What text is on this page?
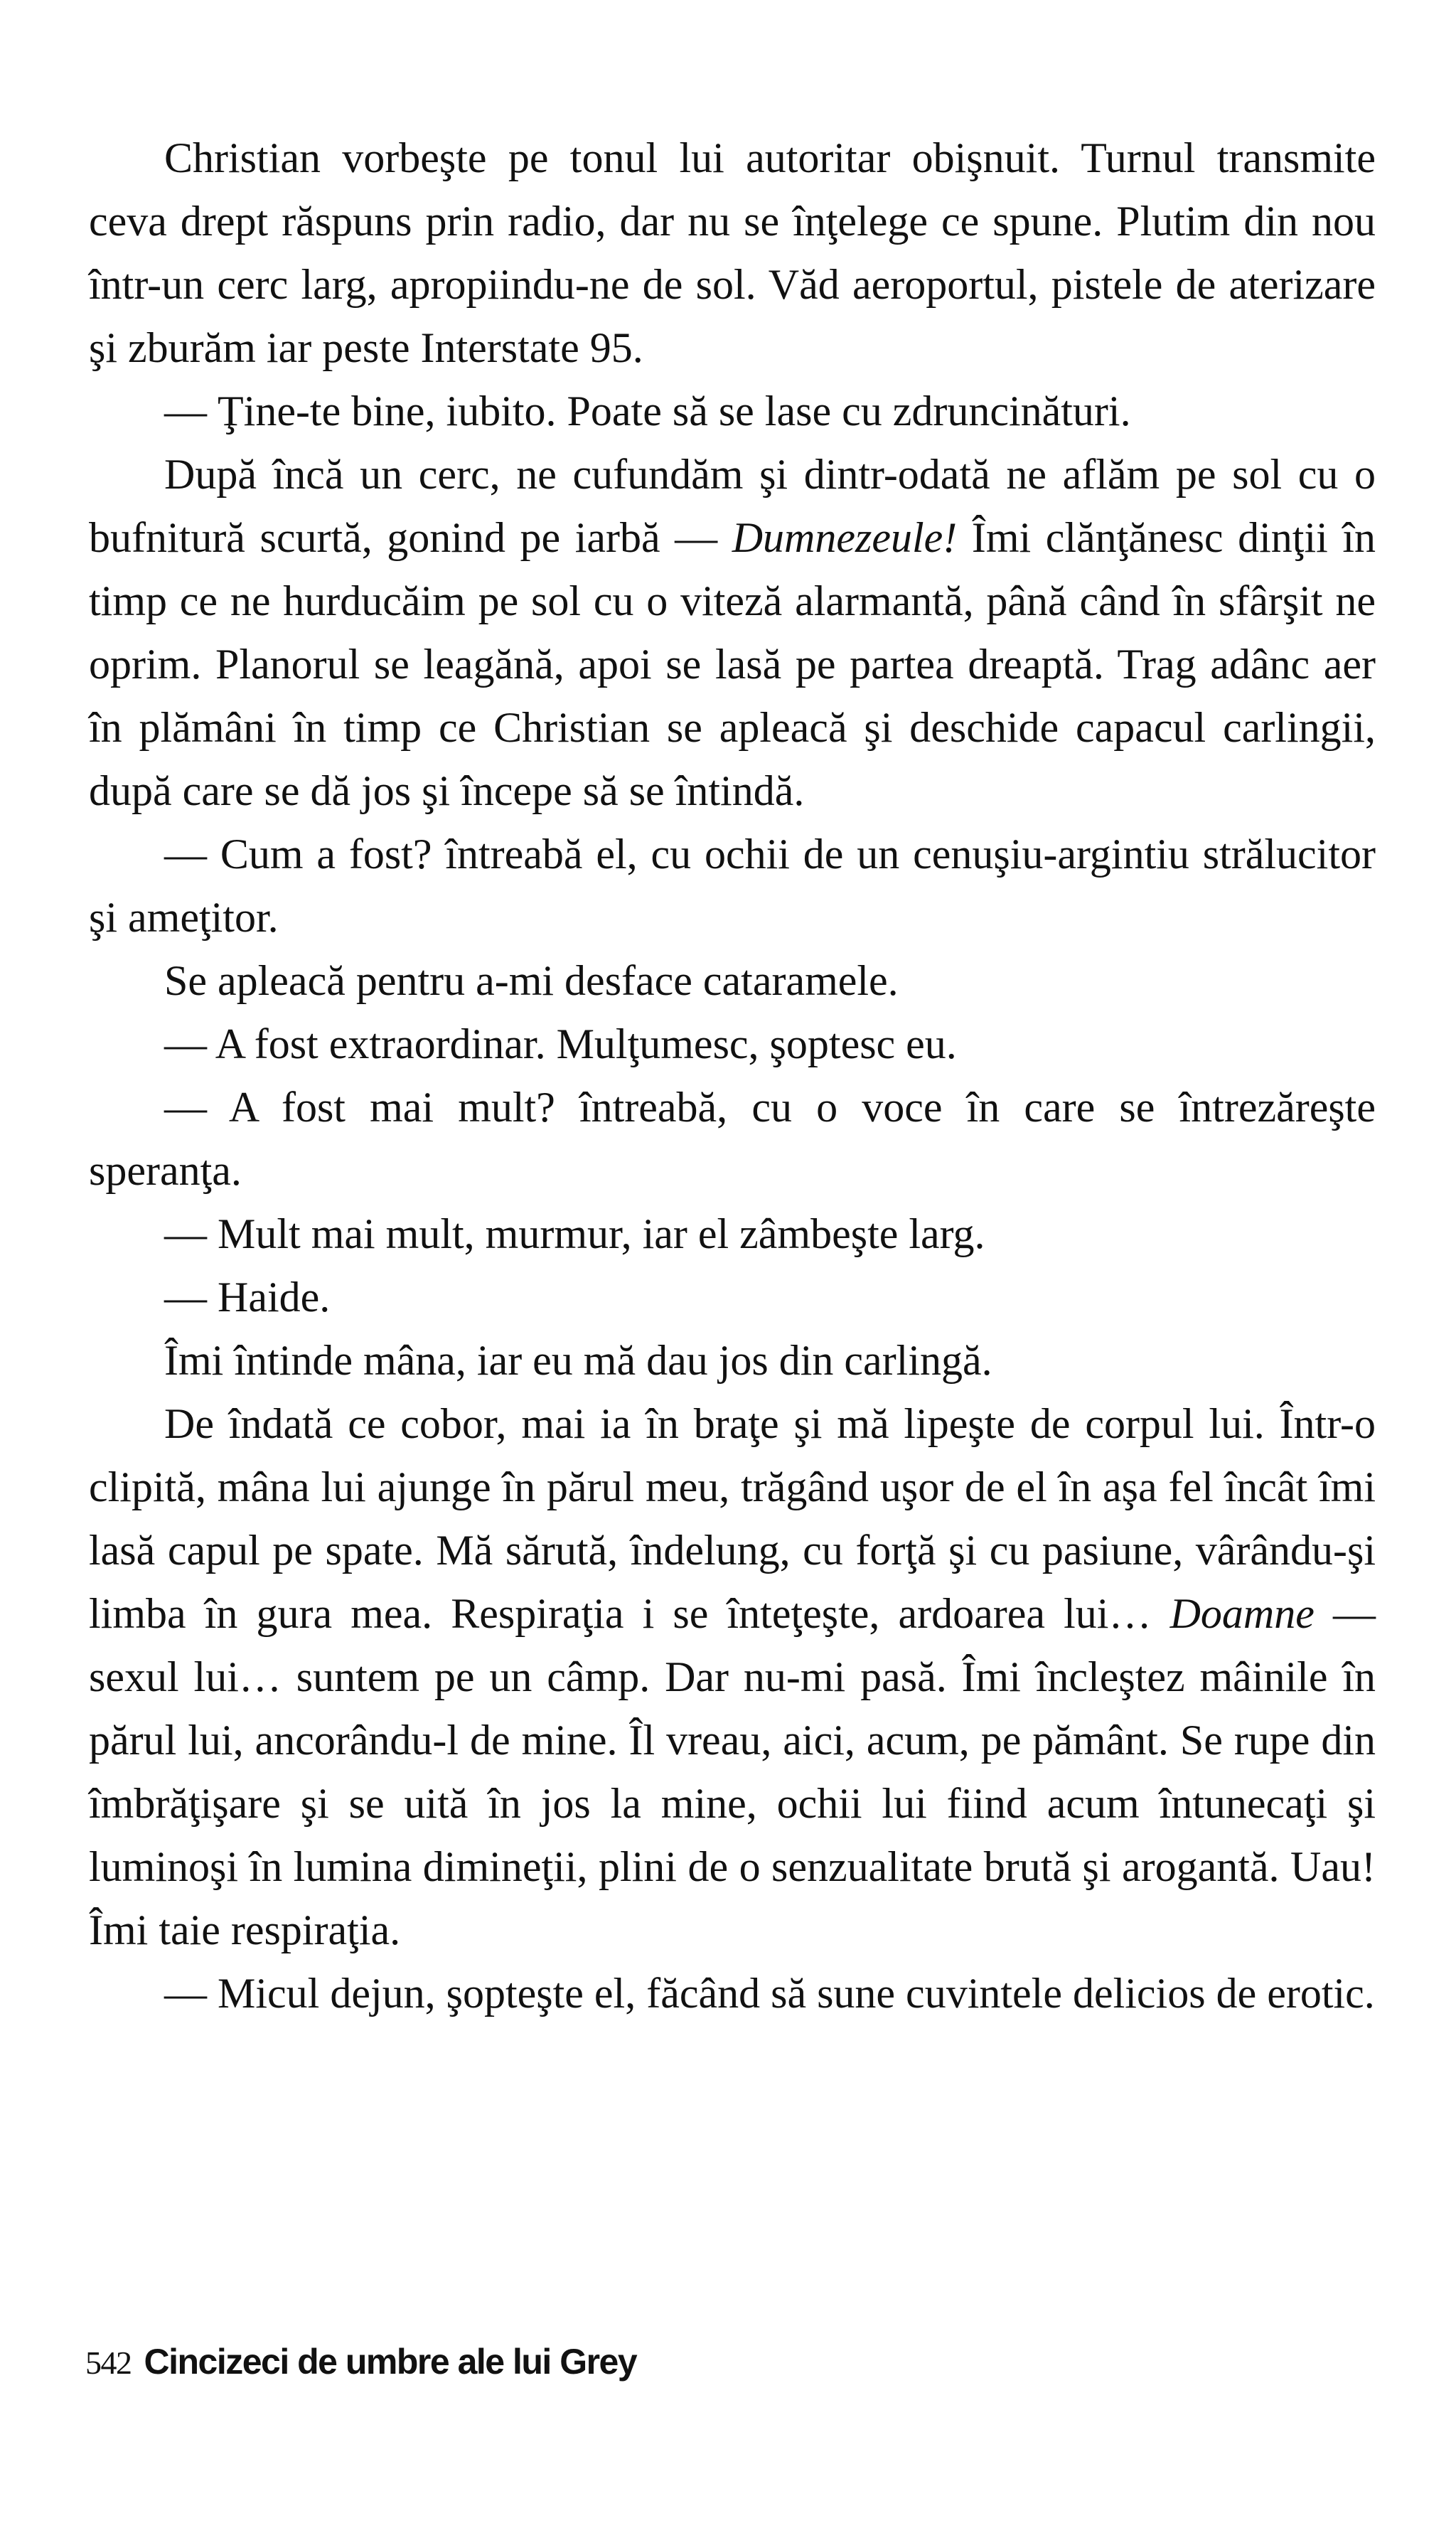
Christian vorbeşte pe tonul lui autoritar obişnuit. Turnul transmite ceva drept răspuns prin radio, dar nu se înţelege ce spune. Plutim din nou într-un cerc larg, apropiindu-ne de sol. Văd aeroportul, pistele de aterizare şi zburăm iar peste Interstate 95.

— Ţine-te bine, iubito. Poate să se lase cu zdruncinături.

După încă un cerc, ne cufundăm şi dintr-odată ne aflăm pe sol cu o bufnitură scurtă, gonind pe iarbă — Dumnezeule! Îmi clănţănesc dinţii în timp ce ne hurducăim pe sol cu o viteză alarmantă, până când în sfârşit ne oprim. Planorul se leagănă, apoi se lasă pe partea dreaptă. Trag adânc aer în plămâni în timp ce Christian se apleacă şi deschide capacul carlingii, după care se dă jos şi începe să se întindă.

— Cum a fost? întreabă el, cu ochii de un cenuşiu-argintiu strălucitor şi ameţitor.

Se apleacă pentru a-mi desface cataramele.

— A fost extraordinar. Mulţumesc, şoptesc eu.

— A fost mai mult? întreabă, cu o voce în care se întrezăreşte speranţa.

— Mult mai mult, murmur, iar el zâmbeşte larg.

— Haide.

Îmi întinde mâna, iar eu mă dau jos din carlingă.

De îndată ce cobor, mai ia în braţe şi mă lipeşte de corpul lui. Într-o clipită, mâna lui ajunge în părul meu, trăgând uşor de el în aşa fel încât îmi lasă capul pe spate. Mă sărută, îndelung, cu forţă şi cu pasiune, vârându-şi limba în gura mea. Respiraţia i se înteţeşte, ardoarea lui… Doamne — sexul lui… suntem pe un câmp. Dar nu-mi pasă. Îmi încleştez mâinile în părul lui, ancorându-l de mine. Îl vreau, aici, acum, pe pământ. Se rupe din îmbrăţişare şi se uită în jos la mine, ochii lui fiind acum întunecaţi şi luminoşi în lumina dimineţii, plini de o senzualitate brută şi arogantă. Uau! Îmi taie respiraţia.

— Micul dejun, şopteşte el, făcând să sune cuvintele delicios de erotic.

542 Cincizeci de umbre ale lui Grey
